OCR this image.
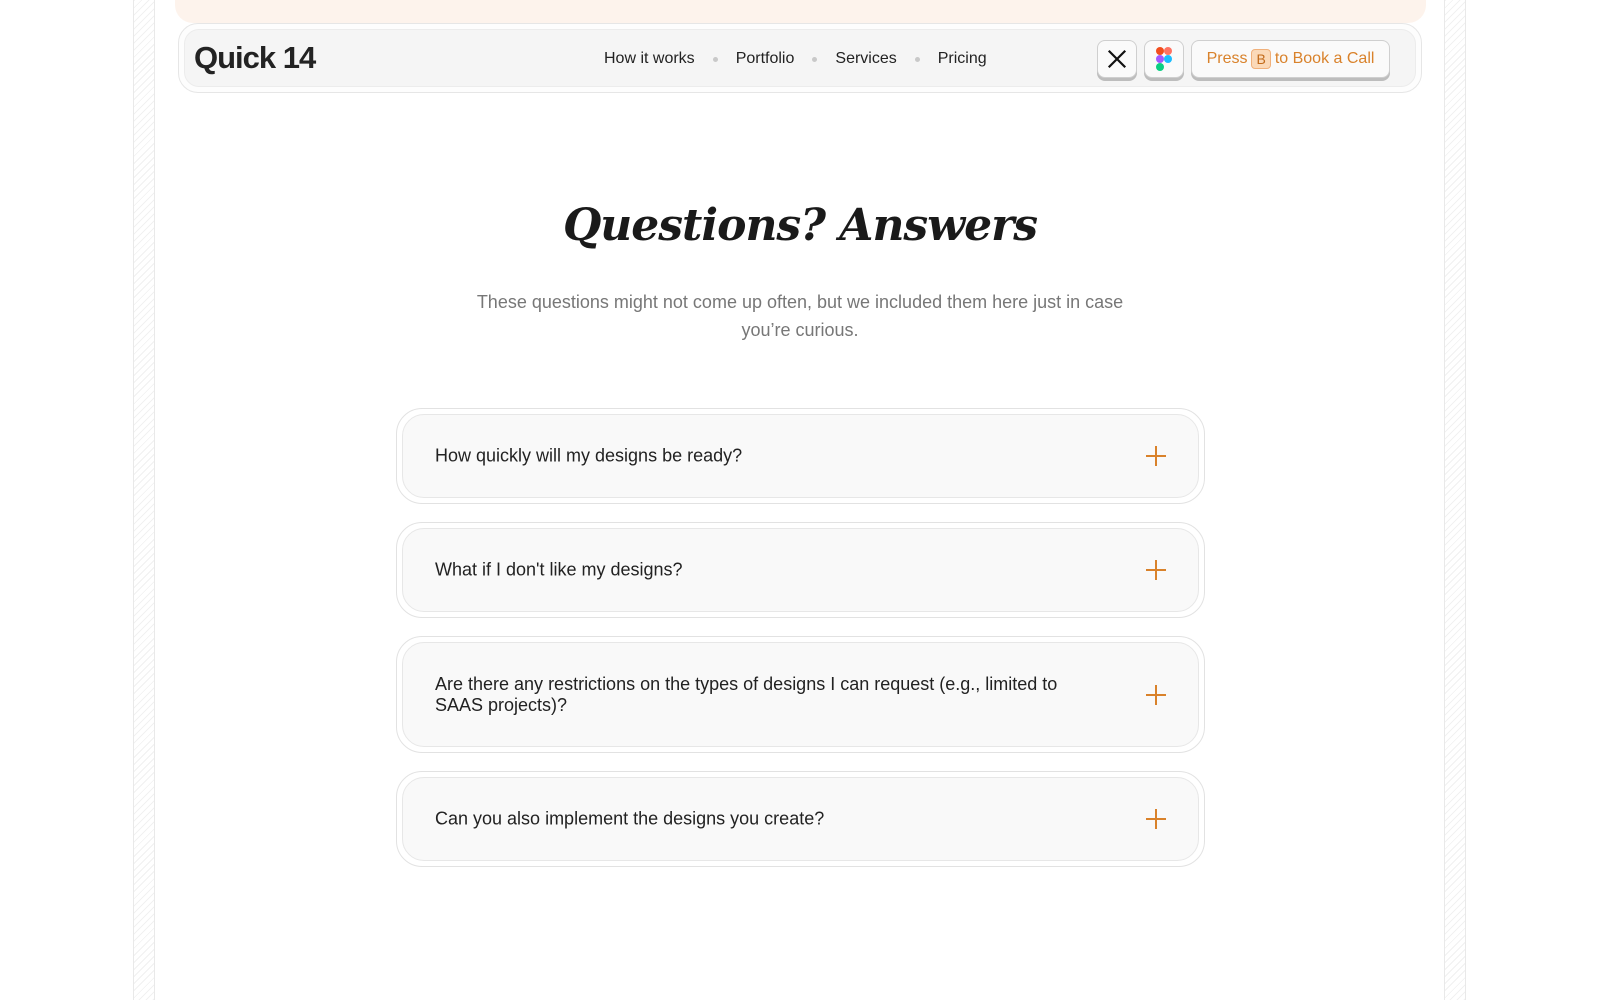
Quick 14	How it works	Portfolio	Services	Pricing	Press B to Book a Call
Questions? Answers

These questions might not come up often, but we included them here just in case you’re curious.

How quickly will my designs be ready?
What if I don't like my designs?
Are there any restrictions on the types of designs I can request (e.g., limited to SAAS projects)?
Can you also implement the designs you create?
